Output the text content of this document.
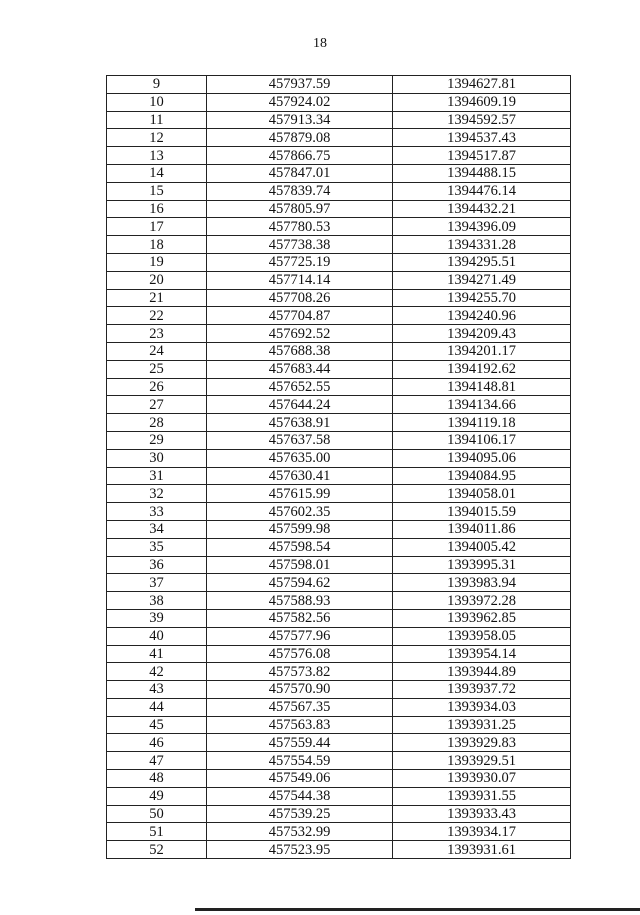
18
9	457937.59	1394627.81
10	457924.02	1394609.19
11	457913.34	1394592.57
12	457879.08	1394537.43
13	457866.75	1394517.87
14	457847.01	1394488.15
15	457839.74	1394476.14
16	457805.97	1394432.21
17	457780.53	1394396.09
18	457738.38	1394331.28
19	457725.19	1394295.51
20	457714.14	1394271.49
21	457708.26	1394255.70
22	457704.87	1394240.96
23	457692.52	1394209.43
24	457688.38	1394201.17
25	457683.44	1394192.62
26	457652.55	1394148.81
27	457644.24	1394134.66
28	457638.91	1394119.18
29	457637.58	1394106.17
30	457635.00	1394095.06
31	457630.41	1394084.95
32	457615.99	1394058.01
33	457602.35	1394015.59
34	457599.98	1394011.86
35	457598.54	1394005.42
36	457598.01	1393995.31
37	457594.62	1393983.94
38	457588.93	1393972.28
39	457582.56	1393962.85
40	457577.96	1393958.05
41	457576.08	1393954.14
42	457573.82	1393944.89
43	457570.90	1393937.72
44	457567.35	1393934.03
45	457563.83	1393931.25
46	457559.44	1393929.83
47	457554.59	1393929.51
48	457549.06	1393930.07
49	457544.38	1393931.55
50	457539.25	1393933.43
51	457532.99	1393934.17
52	457523.95	1393931.61
